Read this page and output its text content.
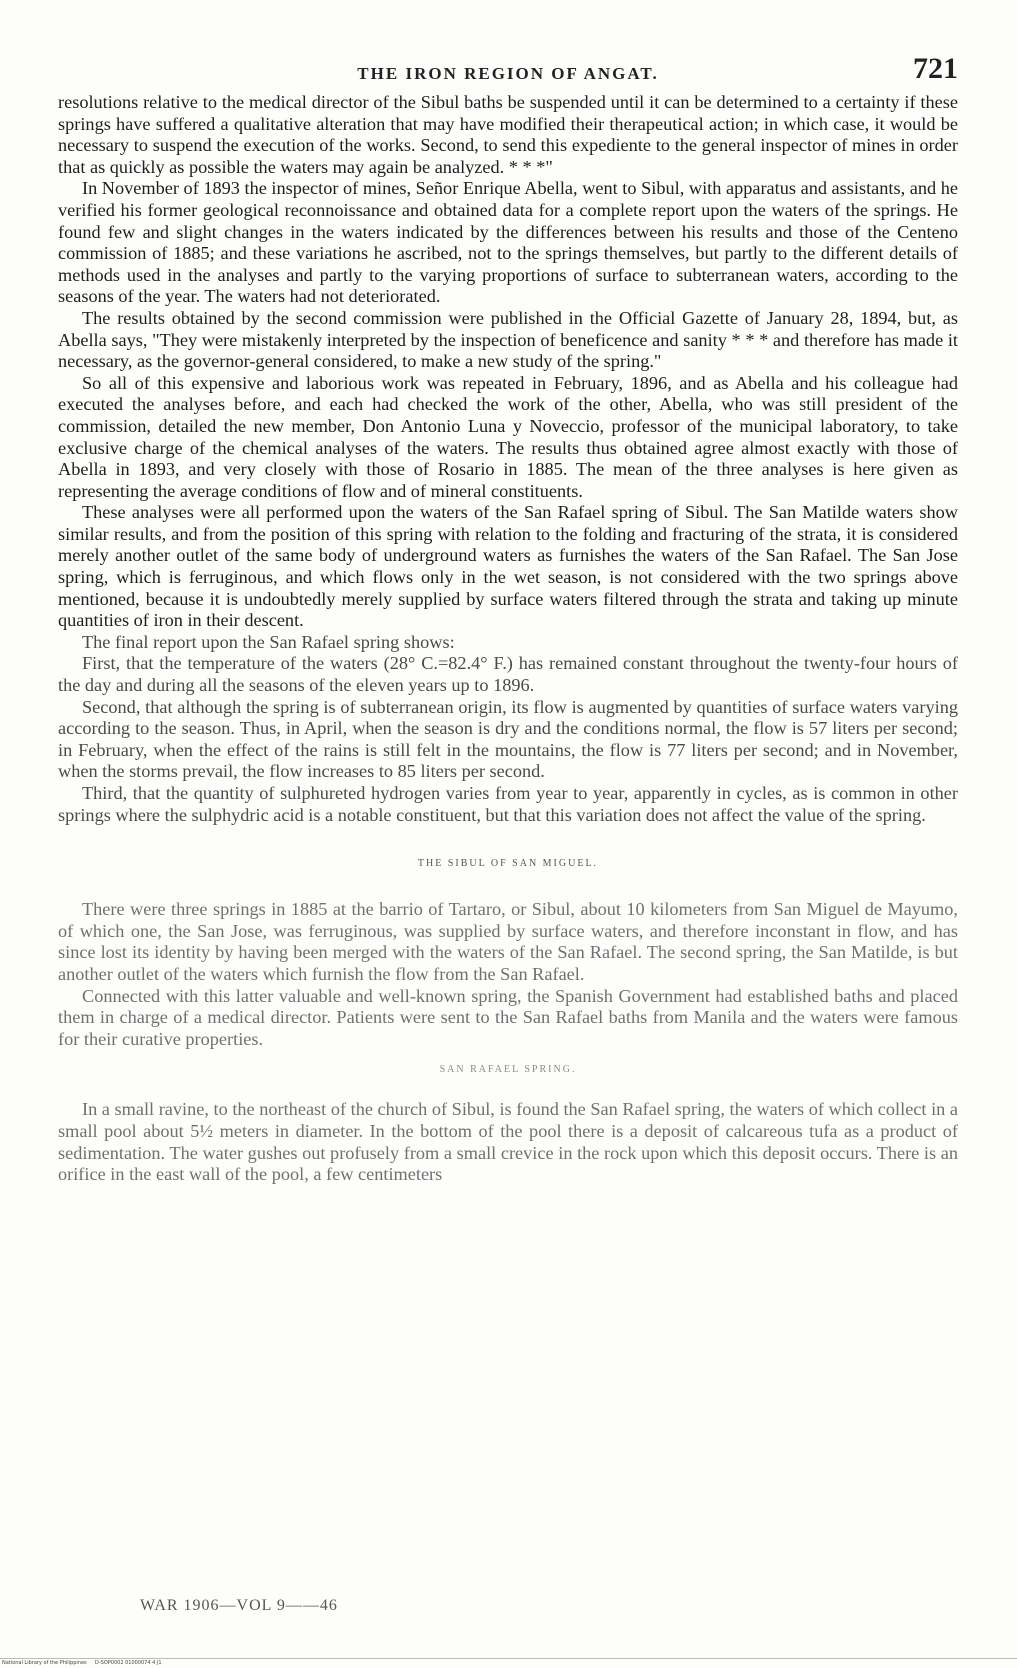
THE IRON REGION OF ANGAT.	721

resolutions relative to the medical director of the Sibul baths be suspended until it can be determined to a certainty if these springs have suffered a qualitative alteration that may have modified their therapeutical action; in which case, it would be necessary to suspend the execution of the works. Second, to send this expediente to the general inspector of mines in order that as quickly as possible the waters may again be analyzed. * * *"

In November of 1893 the inspector of mines, Señor Enrique Abella, went to Sibul, with apparatus and assistants, and he verified his former geological reconnoissance and obtained data for a complete report upon the waters of the springs. He found few and slight changes in the waters indicated by the differences between his results and those of the Centeno commission of 1885; and these variations he ascribed, not to the springs themselves, but partly to the different details of methods used in the analyses and partly to the varying proportions of surface to subterranean waters, according to the seasons of the year. The waters had not deteriorated.

The results obtained by the second commission were published in the Official Gazette of January 28, 1894, but, as Abella says, "They were mistakenly interpreted by the inspection of beneficence and sanity * * * and therefore has made it necessary, as the governor-general considered, to make a new study of the spring."

So all of this expensive and laborious work was repeated in February, 1896, and as Abella and his colleague had executed the analyses before, and each had checked the work of the other, Abella, who was still president of the commission, detailed the new member, Don Antonio Luna y Noveccio, professor of the municipal laboratory, to take exclusive charge of the chemical analyses of the waters. The results thus obtained agree almost exactly with those of Abella in 1893, and very closely with those of Rosario in 1885. The mean of the three analyses is here given as representing the average conditions of flow and of mineral constituents.

These analyses were all performed upon the waters of the San Rafael spring of Sibul. The San Matilde waters show similar results, and from the position of this spring with relation to the folding and fracturing of the strata, it is considered merely another outlet of the same body of underground waters as furnishes the waters of the San Rafael. The San Jose spring, which is ferruginous, and which flows only in the wet season, is not considered with the two springs above mentioned, because it is undoubtedly merely supplied by surface waters filtered through the strata and taking up minute quantities of iron in their descent.

The final report upon the San Rafael spring shows:

First, that the temperature of the waters (28° C.=82.4° F.) has remained constant throughout the twenty-four hours of the day and during all the seasons of the eleven years up to 1896.

Second, that although the spring is of subterranean origin, its flow is augmented by quantities of surface waters varying according to the season. Thus, in April, when the season is dry and the conditions normal, the flow is 57 liters per second; in February, when the effect of the rains is still felt in the mountains, the flow is 77 liters per second; and in November, when the storms prevail, the flow increases to 85 liters per second.

Third, that the quantity of sulphureted hydrogen varies from year to year, apparently in cycles, as is common in other springs where the sulphydric acid is a notable constituent, but that this variation does not affect the value of the spring.

THE SIBUL OF SAN MIGUEL.

There were three springs in 1885 at the barrio of Tartaro, or Sibul, about 10 kilometers from San Miguel de Mayumo, of which one, the San Jose, was ferruginous, was supplied by surface waters, and therefore inconstant in flow, and has since lost its identity by having been merged with the waters of the San Rafael. The second spring, the San Matilde, is but another outlet of the waters which furnish the flow from the San Rafael.

Connected with this latter valuable and well-known spring, the Spanish Government had established baths and placed them in charge of a medical director. Patients were sent to the San Rafael baths from Manila and the waters were famous for their curative properties.

SAN RAFAEL SPRING.

In a small ravine, to the northeast of the church of Sibul, is found the San Rafael spring, the waters of which collect in a small pool about 5½ meters in diameter. In the bottom of the pool there is a deposit of calcareous tufa as a product of sedimentation. The water gushes out profusely from a small crevice in the rock upon which this deposit occurs. There is an orifice in the east wall of the pool, a few centimeters

WAR 1906—VOL 9——46
National Library of the Philippines D-SOP0002 01000074 4 J1
